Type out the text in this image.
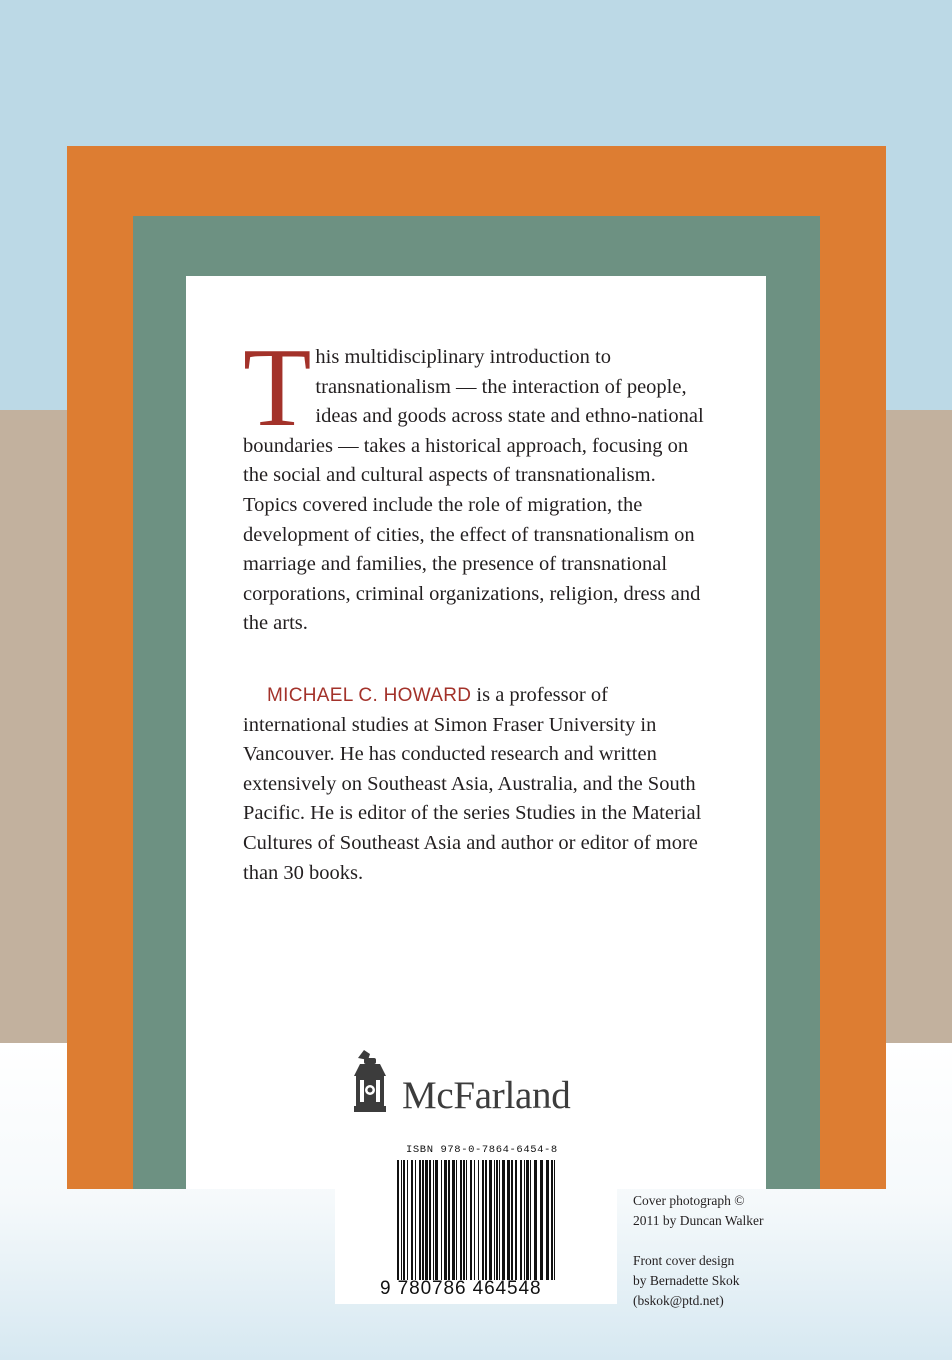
This multidisciplinary introduction to transnationalism — the interaction of people, ideas and goods across state and ethno-national boundaries — takes a historical approach, focusing on the social and cultural aspects of transnationalism. Topics covered include the role of migration, the development of cities, the effect of transnationalism on marriage and families, the presence of transnational corporations, criminal organizations, religion, dress and the arts.
MICHAEL C. HOWARD is a professor of international studies at Simon Fraser University in Vancouver. He has conducted research and written extensively on Southeast Asia, Australia, and the South Pacific. He is editor of the series Studies in the Material Cultures of Southeast Asia and author or editor of more than 30 books.
McFarland
ISBN 978-0-7864-6454-8
9 780786 464548
Cover photograph ©
2011 by Duncan Walker
Front cover design
by Bernadette Skok
(bskok@ptd.net)
